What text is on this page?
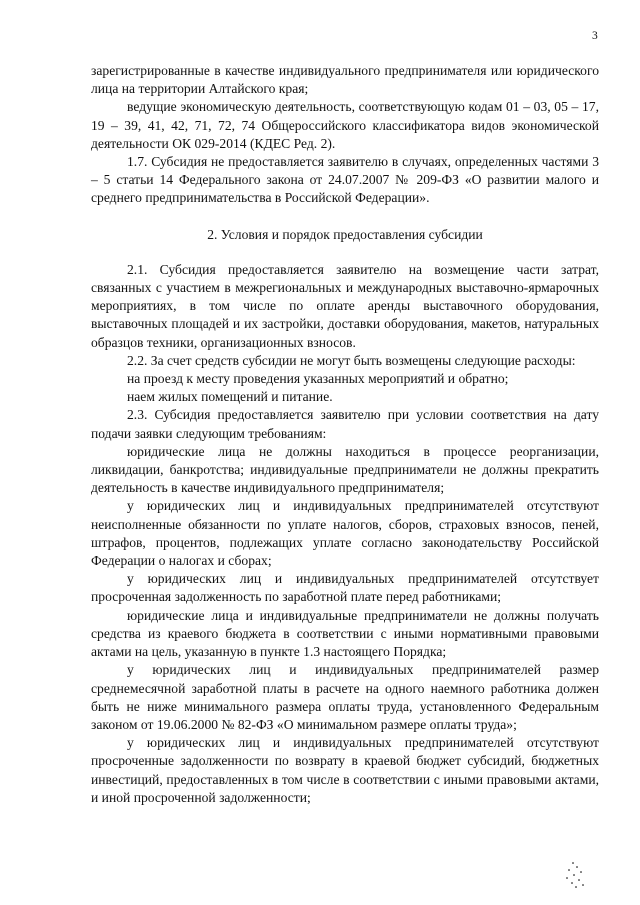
3

зарегистрированные в качестве индивидуального предпринимателя или юридического лица на территории Алтайского края;

ведущие экономическую деятельность, соответствующую кодам 01 – 03, 05 – 17, 19 – 39, 41, 42, 71, 72, 74 Общероссийского классификатора видов экономической деятельности ОК 029-2014 (КДЕС Ред. 2).

1.7. Субсидия не предоставляется заявителю в случаях, определенных частями 3 – 5 статьи 14 Федерального закона от 24.07.2007 № 209-ФЗ «О развитии малого и среднего предпринимательства в Российской Федерации».

2. Условия и порядок предоставления субсидии

2.1. Субсидия предоставляется заявителю на возмещение части затрат, связанных с участием в межрегиональных и международных выставочно-ярмарочных мероприятиях, в том числе по оплате аренды выставочного оборудования, выставочных площадей и их застройки, доставки оборудования, макетов, натуральных образцов техники, организационных взносов.

2.2. За счет средств субсидии не могут быть возмещены следующие расходы:

на проезд к месту проведения указанных мероприятий и обратно;

наем жилых помещений и питание.

2.3. Субсидия предоставляется заявителю при условии соответствия на дату подачи заявки следующим требованиям:

юридические лица не должны находиться в процессе реорганизации, ликвидации, банкротства; индивидуальные предприниматели не должны прекратить деятельность в качестве индивидуального предпринимателя;

у юридических лиц и индивидуальных предпринимателей отсутствуют неисполненные обязанности по уплате налогов, сборов, страховых взносов, пеней, штрафов, процентов, подлежащих уплате согласно законодательству Российской Федерации о налогах и сборах;

у юридических лиц и индивидуальных предпринимателей отсутствует просроченная задолженность по заработной плате перед работниками;

юридические лица и индивидуальные предприниматели не должны получать средства из краевого бюджета в соответствии с иными нормативными правовыми актами на цель, указанную в пункте 1.3 настоящего Порядка;

у юридических лиц и индивидуальных предпринимателей размер среднемесячной заработной платы в расчете на одного наемного работника должен быть не ниже минимального размера оплаты труда, установленного Федеральным законом от 19.06.2000 № 82-ФЗ «О минимальном размере оплаты труда»;

у юридических лиц и индивидуальных предпринимателей отсутствуют просроченные задолженности по возврату в краевой бюджет субсидий, бюджетных инвестиций, предоставленных в том числе в соответствии с иными правовыми актами, и иной просроченной задолженности;
